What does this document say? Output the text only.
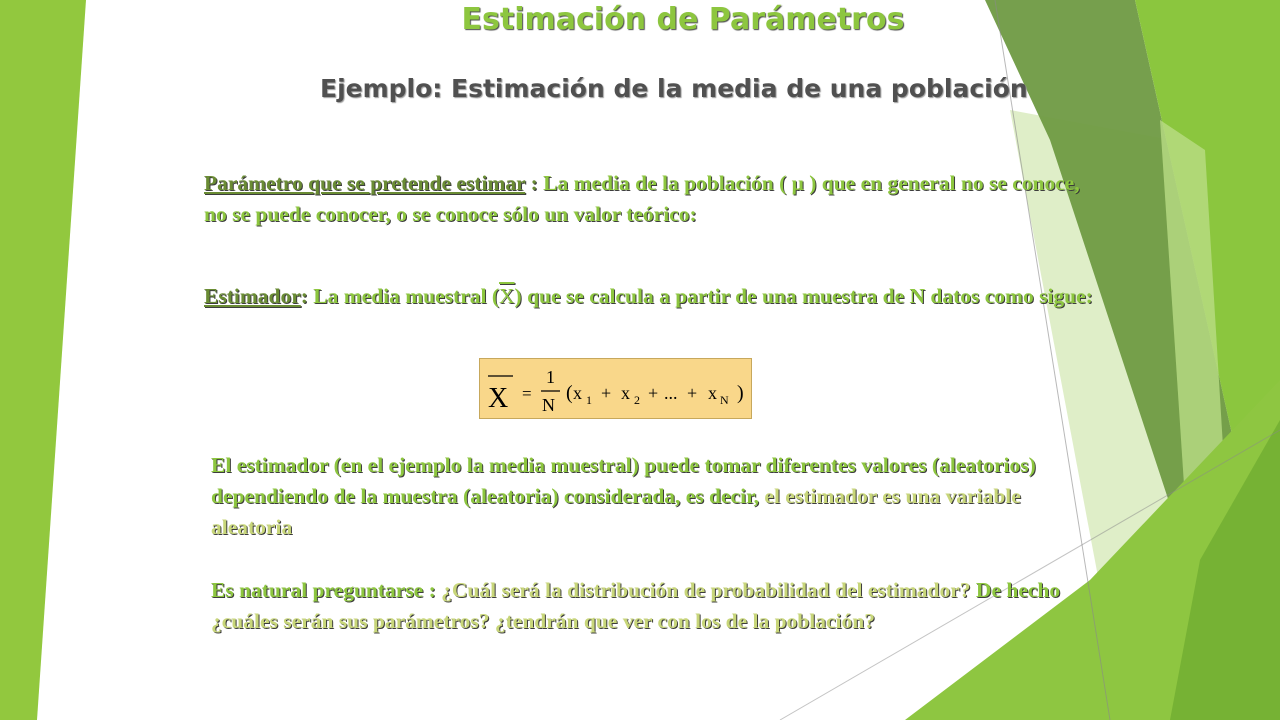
Estimación de Parámetros
Ejemplo: Estimación de la media de una población

Parámetro que se pretende estimar : La media de la población ( μ ) que en general no se conoce, no se puede conocer, o se conoce sólo un valor teórico:

Estimador: La media muestral $(\overline{X})$ que se calcula a partir de una muestra de N datos como sigue:

X =
1
N
( x 1 + x 2 + ... + x N )

El estimador (en el ejemplo la media muestral) puede tomar diferentes valores (aleatorios) dependiendo de la muestra (aleatoria) considerada, es decir, el estimador es una variable aleatoria

Es natural preguntarse : ¿Cuál será la distribución de probabilidad del estimador? De hecho ¿cuáles serán sus parámetros? ¿tendrán que ver con los de la población?
